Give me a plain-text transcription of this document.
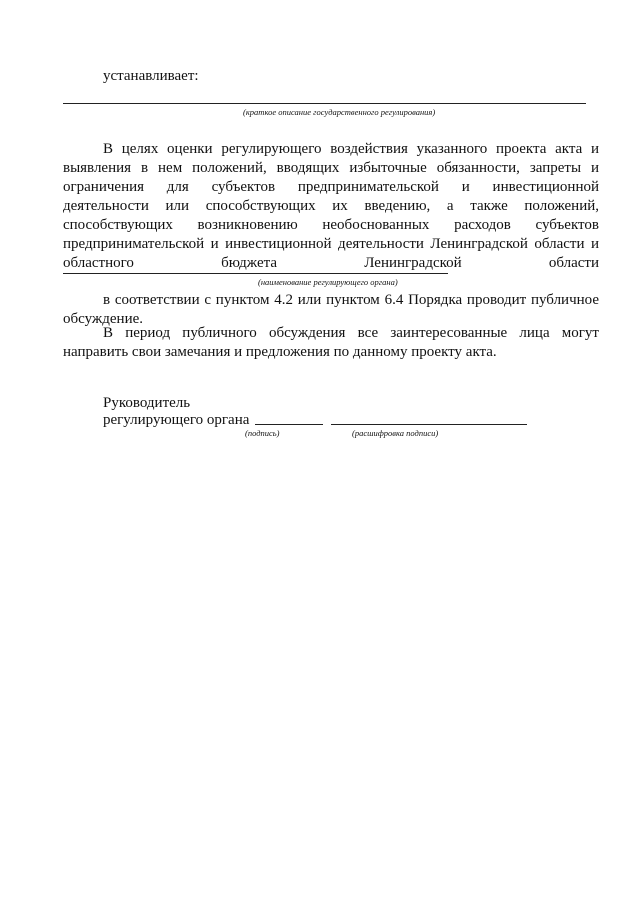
устанавливает:
(краткое описание государственного регулирования)
В целях оценки регулирующего воздействия указанного проекта акта и
выявления в нем положений, вводящих избыточные обязанности, запреты и
ограничения для субъектов предпринимательской и инвестиционной
деятельности или способствующих их введению, а также положений,
способствующих возникновению необоснованных расходов субъектов
предпринимательской и инвестиционной деятельности Ленинградской области и
областного бюджета Ленинградской области
(наименование регулирующего органа)
в соответствии с пунктом 4.2 или пунктом 6.4 Порядка проводит публичное
обсуждение.
В период публичного обсуждения все заинтересованные лица могут
направить свои замечания и предложения по данному проекту акта.
Руководитель
регулирующего органа
(подпись)	(расшифровка подписи)
